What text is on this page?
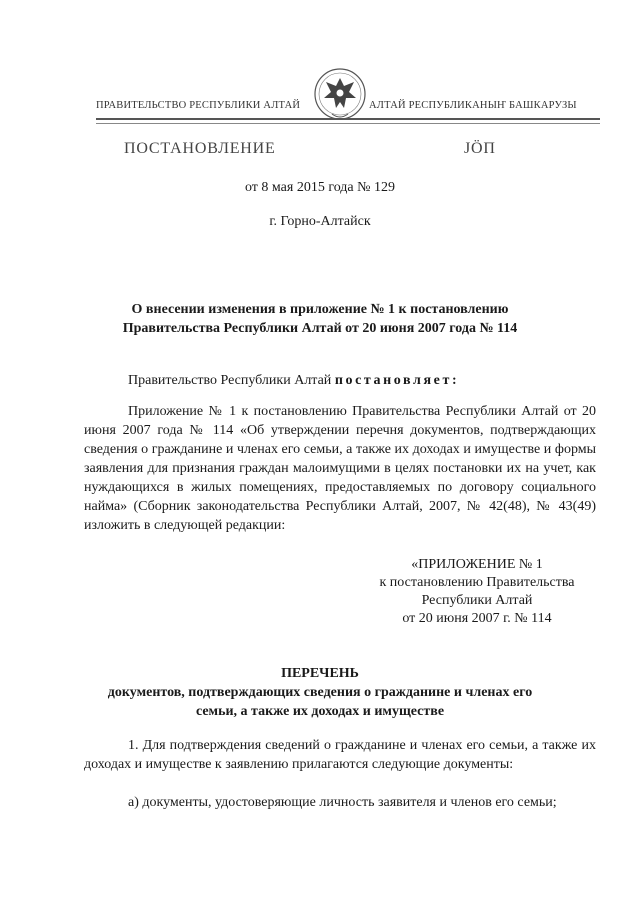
ПРАВИТЕЛЬСТВО РЕСПУБЛИКИ АЛТАЙ	АЛТАЙ РЕСПУБЛИКАНЫҤ БАШКАРУЗЫ
ПОСТАНОВЛЕНИЕ	JӦП
от 8 мая 2015 года № 129
г. Горно-Алтайск
О внесении изменения в приложение № 1 к постановлению
Правительства Республики Алтай от 20 июня 2007 года № 114

Правительство Республики Алтай постановляет:

Приложение № 1 к постановлению Правительства Республики Алтай от 20 июня 2007 года № 114 «Об утверждении перечня документов, подтверждающих сведения о гражданине и членах его семьи, а также их доходах и имуществе и формы заявления для признания граждан малоимущими в целях постановки их на учет, как нуждающихся в жилых помещениях, предоставляемых по договору социального найма» (Сборник законодательства Республики Алтай, 2007, № 42(48), № 43(49) изложить в следующей редакции:

«ПРИЛОЖЕНИЕ № 1
к постановлению Правительства
Республики Алтай
от 20 июня 2007 г. № 114
ПЕРЕЧЕНЬ
документов, подтверждающих сведения о гражданине и членах его
семьи, а также их доходах и имуществе

1. Для подтверждения сведений о гражданине и членах его семьи, а также их доходах и имуществе к заявлению прилагаются следующие документы:

а) документы, удостоверяющие личность заявителя и членов его семьи;
